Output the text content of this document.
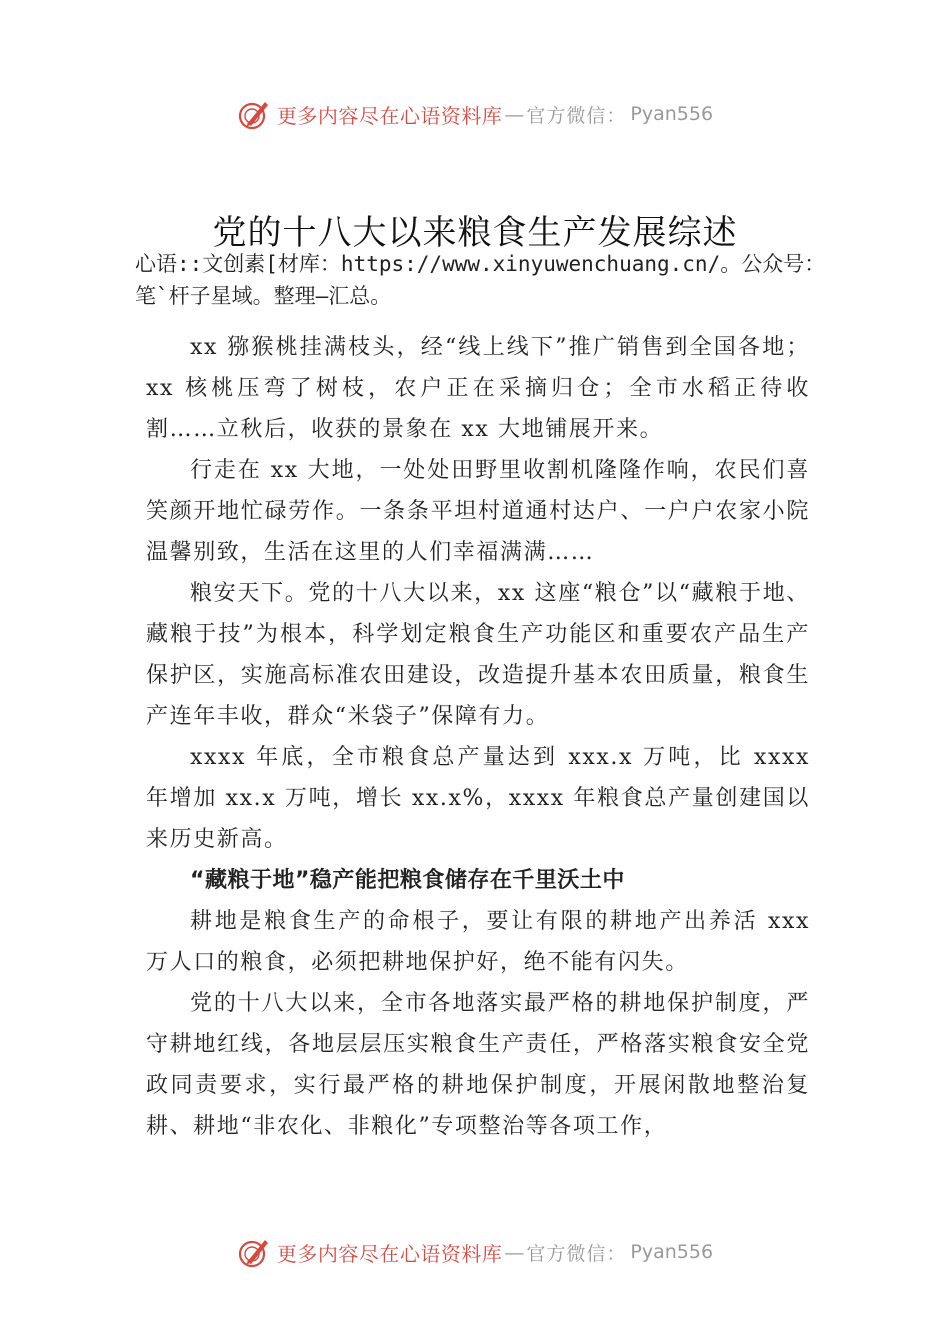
更多内容尽在心语资料库 — 官方微信： Pyan556
党的十八大以来粮食生产发展综述
心语::文创素[材库：https://www.xinyuwenchuang.cn/。公众号：笔`杆子星域。整理—汇总。

xx 猕猴桃挂满枝头，经“线上线下”推广销售到全国各地；xx 核桃压弯了树枝，农户正在采摘归仓；全市水稻正待收割……立秋后，收获的景象在 xx 大地铺展开来。

行走在 xx 大地，一处处田野里收割机隆隆作响，农民们喜笑颜开地忙碌劳作。一条条平坦村道通村达户、一户户农家小院温馨别致，生活在这里的人们幸福满满……

粮安天下。党的十八大以来，xx 这座“粮仓”以“藏粮于地、藏粮于技”为根本，科学划定粮食生产功能区和重要农产品生产保护区，实施高标准农田建设，改造提升基本农田质量，粮食生产连年丰收，群众“米袋子”保障有力。

xxxx 年底，全市粮食总产量达到 xxx.x 万吨，比 xxxx 年增加 xx.x 万吨，增长 xx.x%，xxxx 年粮食总产量创建国以来历史新高。

“藏粮于地”稳产能把粮食储存在千里沃土中

耕地是粮食生产的命根子，要让有限的耕地产出养活 xxx 万人口的粮食，必须把耕地保护好，绝不能有闪失。

党的十八大以来，全市各地落实最严格的耕地保护制度，严守耕地红线，各地层层压实粮食生产责任，严格落实粮食安全党政同责要求，实行最严格的耕地保护制度，开展闲散地整治复耕、耕地“非农化、非粮化”专项整治等各项工作，

更多内容尽在心语资料库 — 官方微信： Pyan556
